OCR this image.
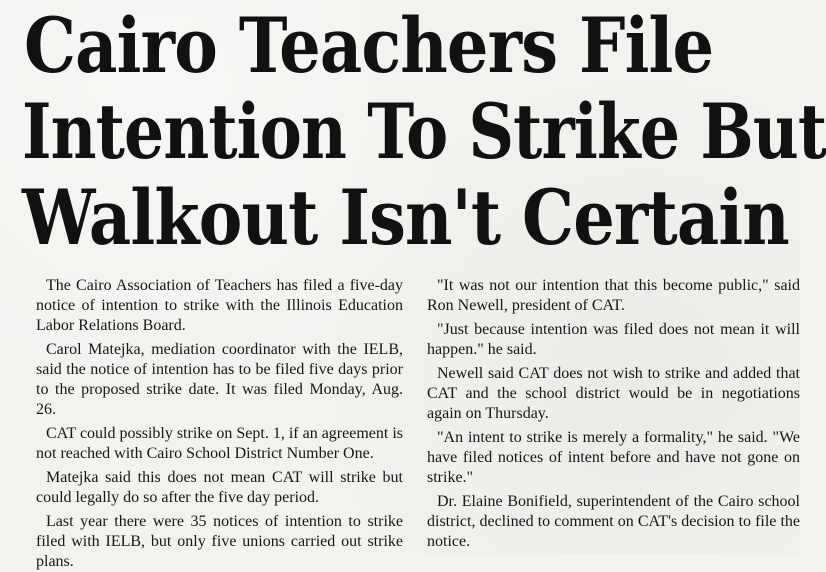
Cairo Teachers File
Intention To Strike But
Walkout Isn't Certain

The Cairo Association of Teachers has filed a five-day notice of intention to strike with the Illinois Education Labor Relations Board.

Carol Matejka, mediation coordinator with the IELB, said the notice of intention has to be filed five days prior to the proposed strike date. It was filed Monday, Aug. 26.

CAT could possibly strike on Sept. 1, if an agreement is not reached with Cairo School District Number One.

Matejka said this does not mean CAT will strike but could legally do so after the five day period.

Last year there were 35 notices of intention to strike filed with IELB, but only five unions carried out strike plans.

"It was not our intention that this become public," said Ron Newell, president of CAT.

"Just because intention was filed does not mean it will happen." he said.

Newell said CAT does not wish to strike and added that CAT and the school district would be in negotiations again on Thursday.

"An intent to strike is merely a formality," he said. "We have filed notices of intent before and have not gone on strike."

Dr. Elaine Bonifield, superintendent of the Cairo school district, declined to comment on CAT's decision to file the notice.
